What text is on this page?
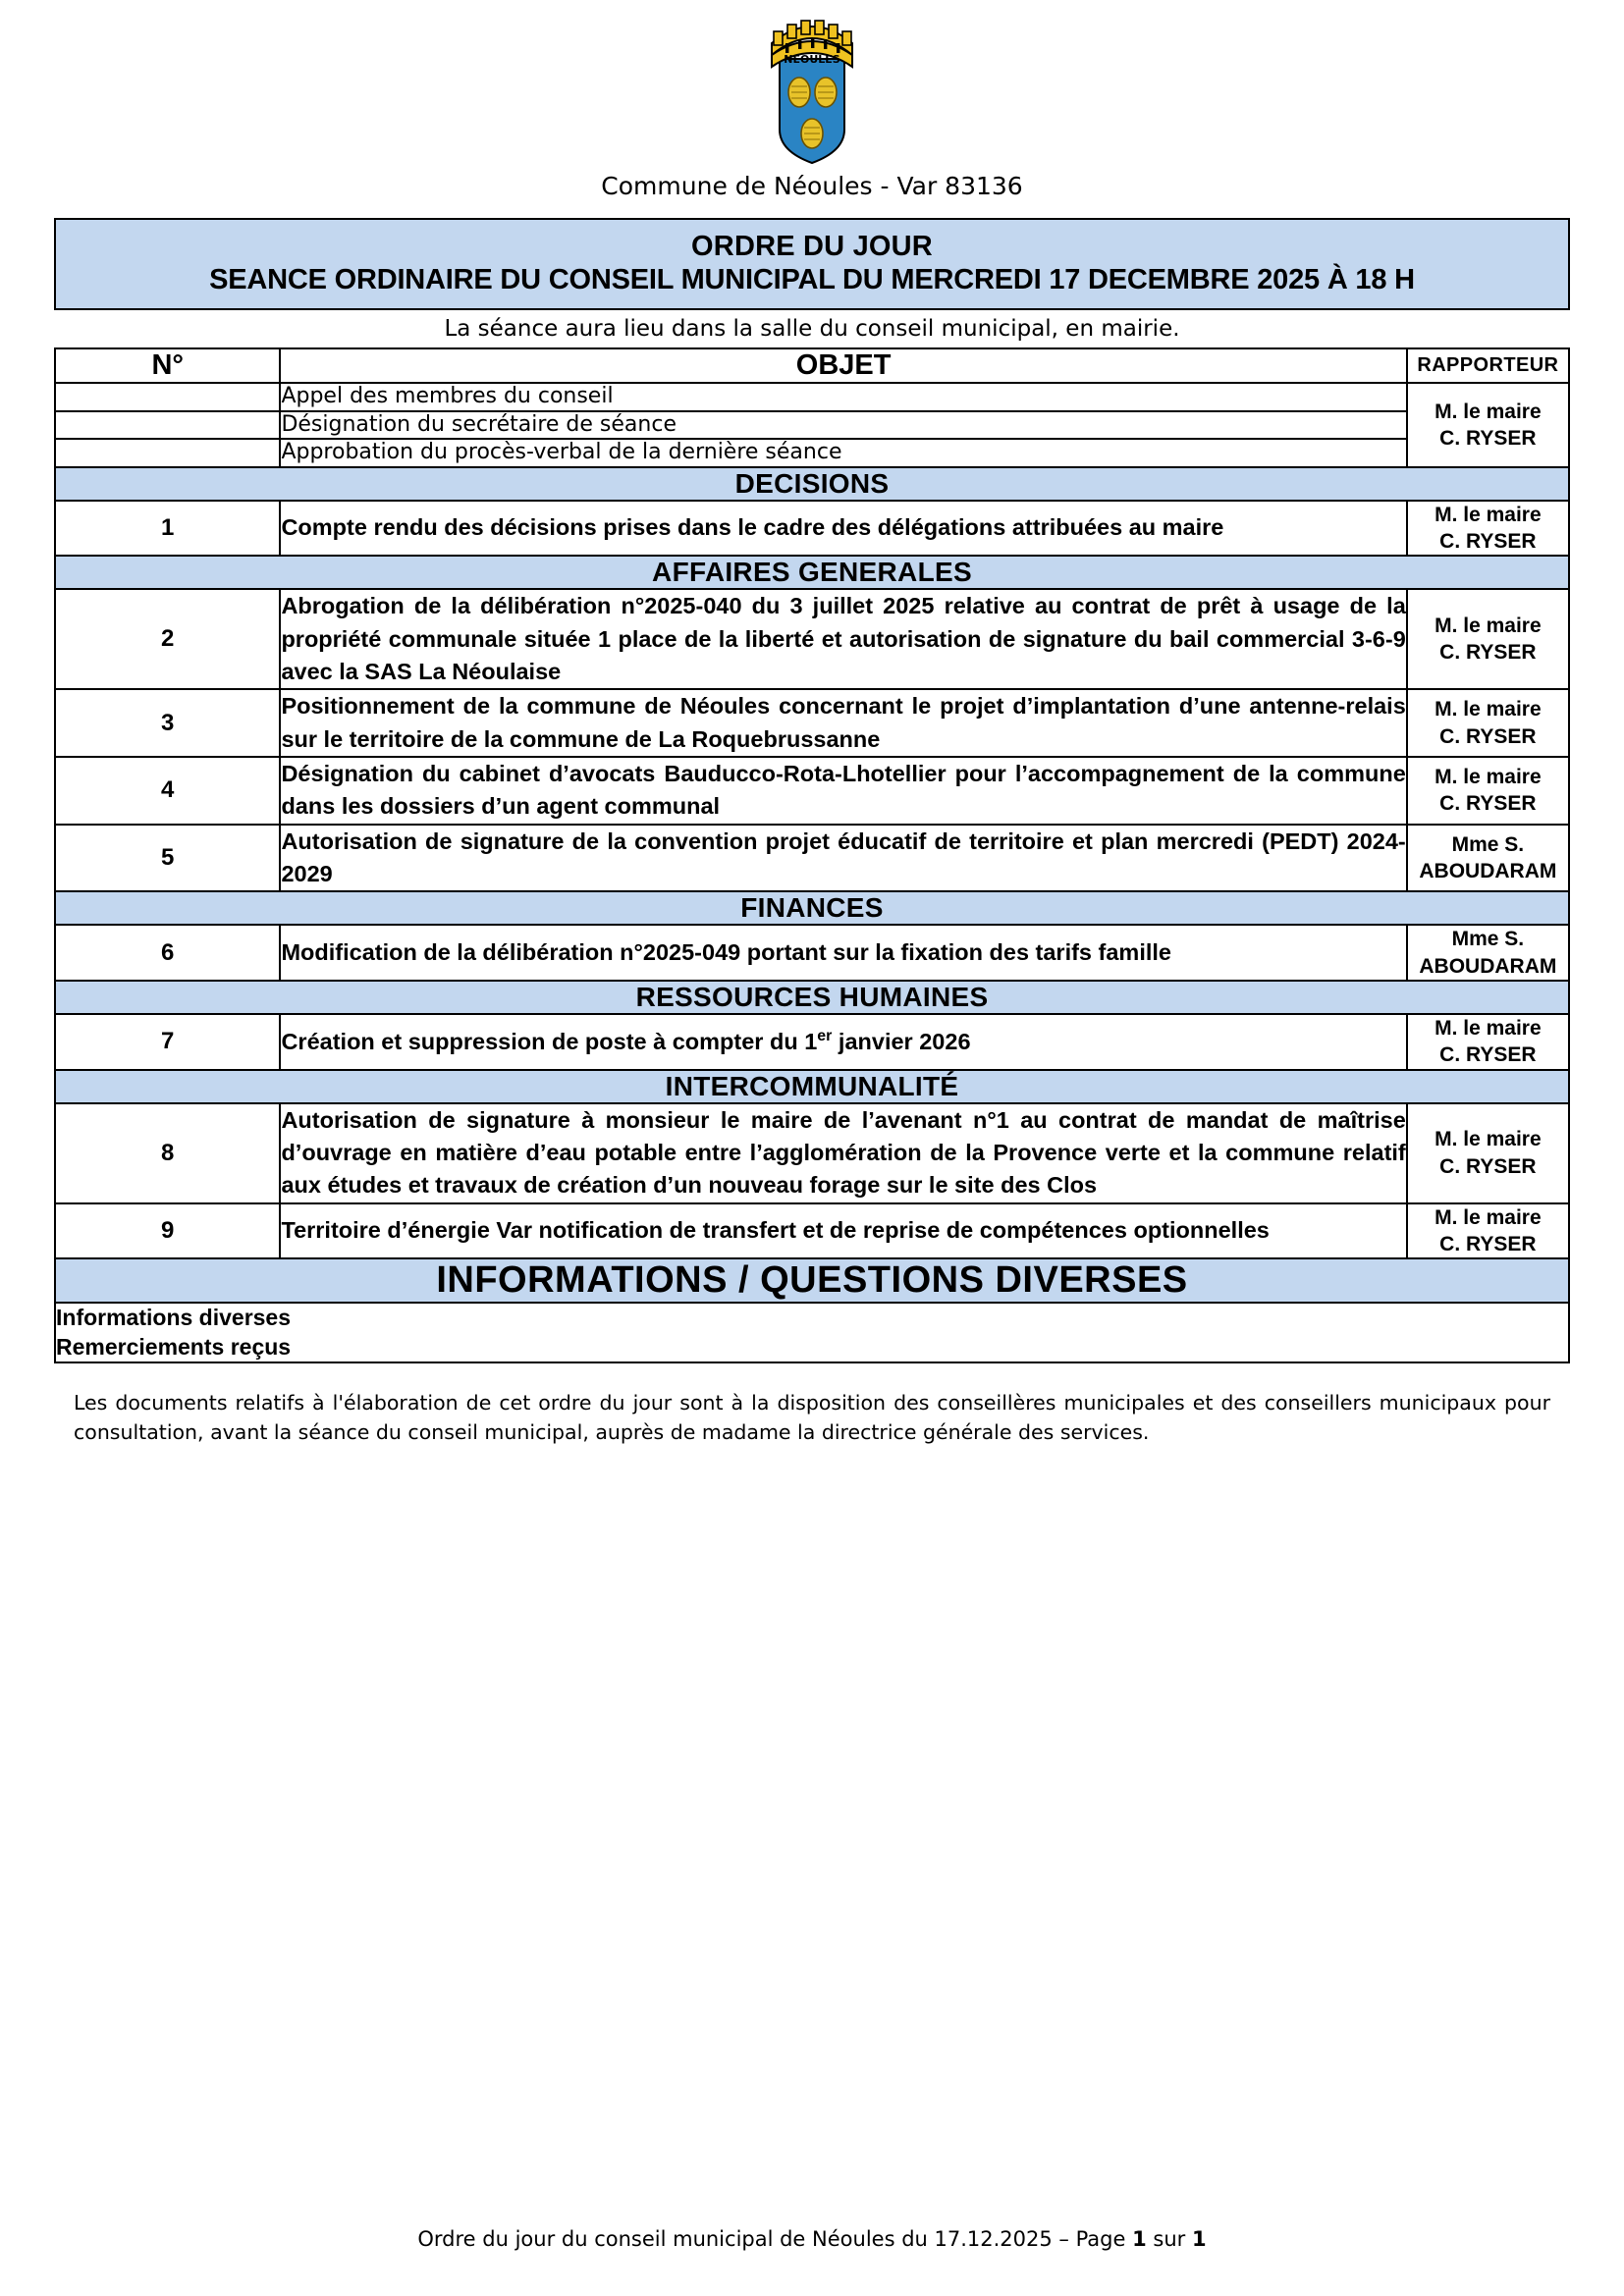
NEOULES
Commune de Néoules - Var 83136
ORDRE DU JOUR
SEANCE ORDINAIRE DU CONSEIL MUNICIPAL DU MERCREDI 17 DECEMBRE 2025 À 18 H
La séance aura lieu dans la salle du conseil municipal, en mairie.
N°	OBJET	RAPPORTEUR
	Appel des membres du conseil	M. le maire
C. RYSER

	Désignation du secrétaire de séance	
	Approbation du procès-verbal de la dernière séance	
DECISIONS		
1	Compte rendu des décisions prises dans le cadre des délégations attribuées au maire	M. le maire
C. RYSER

AFFAIRES GENERALES		
2	Abrogation de la délibération n°2025-040 du 3 juillet 2025 relative au contrat de prêt à usage de la propriété communale située 1 place de la liberté et autorisation de signature du bail commercial 3-6-9 avec la SAS La Néoulaise	M. le maire
C. RYSER

3	Positionnement de la commune de Néoules concernant le projet d’implantation d’une antenne-relais sur le territoire de la commune de La Roquebrussanne	M. le maire
C. RYSER

4	Désignation du cabinet d’avocats Bauducco-Rota-Lhotellier pour l’accompagnement de la commune dans les dossiers d’un agent communal	M. le maire
C. RYSER

5	Autorisation de signature de la convention projet éducatif de territoire et plan mercredi (PEDT) 2024-2029	Mme S.
ABOUDARAM

FINANCES		
6	Modification de la délibération n°2025-049 portant sur la fixation des tarifs famille	Mme S.
ABOUDARAM

RESSOURCES HUMAINES		
7	Création et suppression de poste à compter du 1er janvier 2026	M. le maire
C. RYSER

INTERCOMMUNALITÉ		
8	Autorisation de signature à monsieur le maire de l’avenant n°1 au contrat de mandat de maîtrise d’ouvrage en matière d’eau potable entre l’agglomération de la Provence verte et la commune relatif aux études et travaux de création d’un nouveau forage sur le site des Clos	M. le maire
C. RYSER

9	Territoire d’énergie Var notification de transfert et de reprise de compétences optionnelles	M. le maire
C. RYSER

INFORMATIONS / QUESTIONS DIVERSES		

Informations diverses
Remerciements reçus		
Les documents relatifs à l'élaboration de cet ordre du jour sont à la disposition des conseillères municipales et des conseillers municipaux pour consultation, avant la séance du conseil municipal, auprès de madame la directrice générale des services.
Ordre du jour du conseil municipal de Néoules du 17.12.2025 – Page 1 sur 1
